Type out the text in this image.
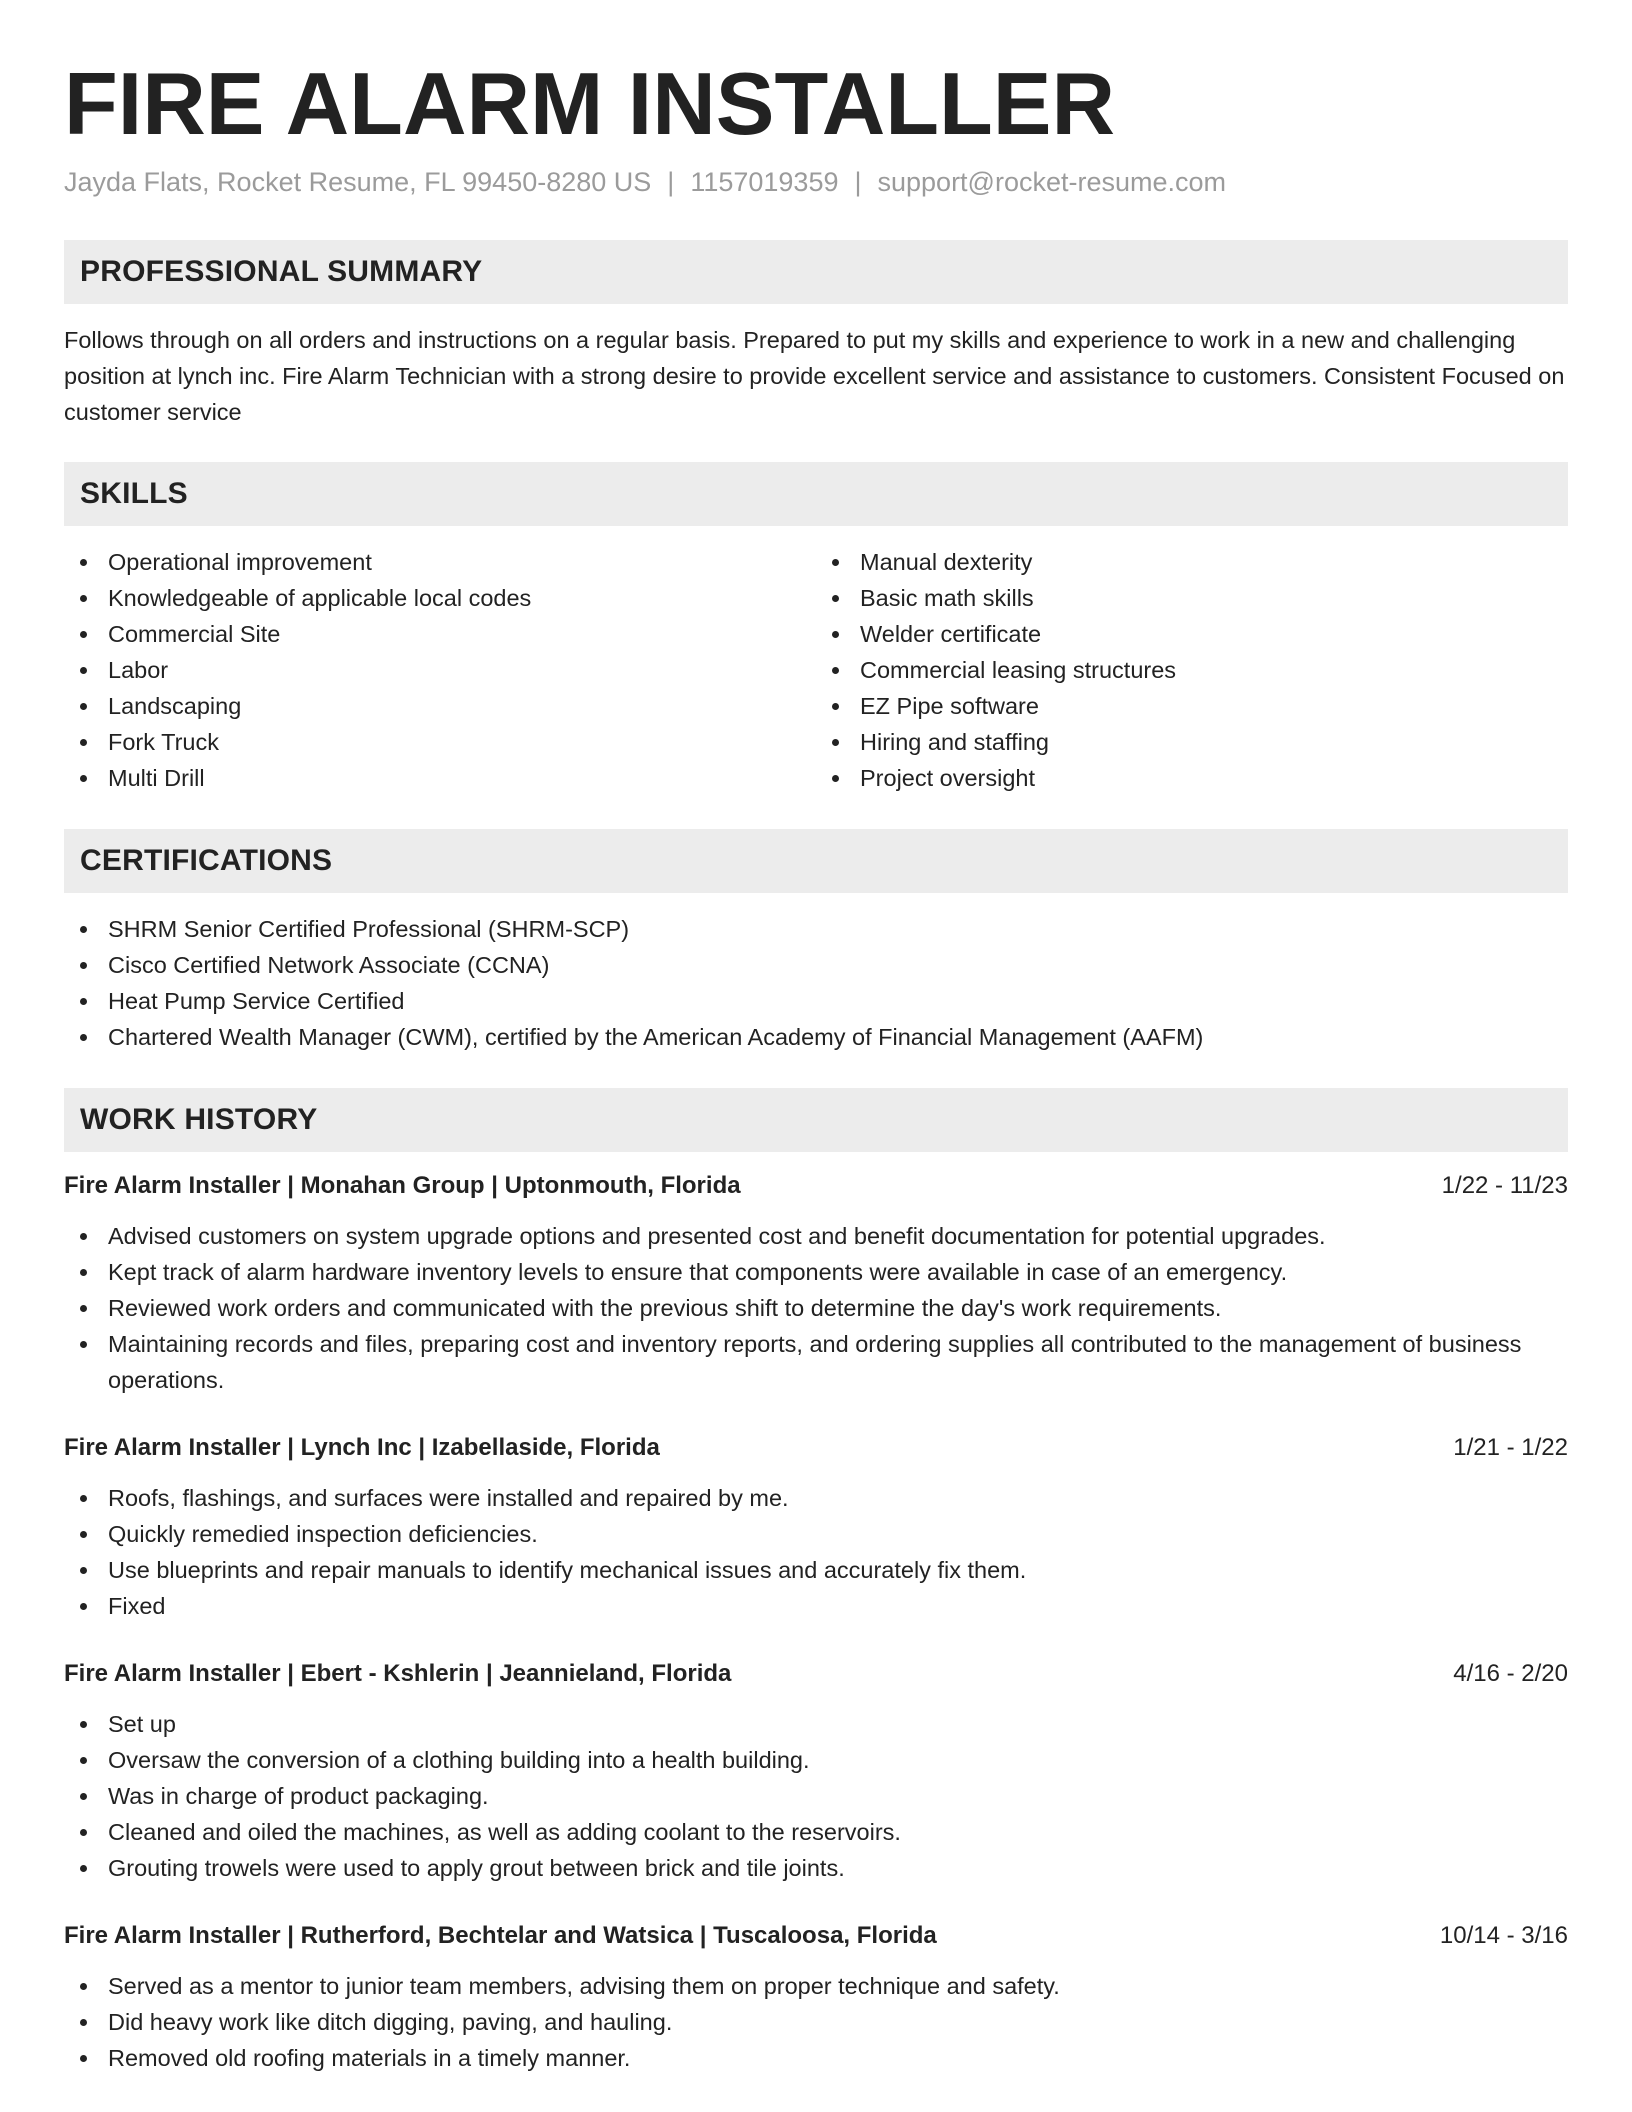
FIRE ALARM INSTALLER
Jayda Flats, Rocket Resume, FL 99450-8280 US | 1157019359 | support@rocket-resume.com
PROFESSIONAL SUMMARY

Follows through on all orders and instructions on a regular basis. Prepared to put my skills and experience to work in a new and challenging position at lynch inc. Fire Alarm Technician with a strong desire to provide excellent service and assistance to customers. Consistent Focused on customer service

SKILLS
Operational improvement
Knowledgeable of applicable local codes
Commercial Site
Labor
Landscaping
Fork Truck
Multi Drill
Manual dexterity
Basic math skills
Welder certificate
Commercial leasing structures
EZ Pipe software
Hiring and staffing
Project oversight
CERTIFICATIONS
SHRM Senior Certified Professional (SHRM-SCP)
Cisco Certified Network Associate (CCNA)
Heat Pump Service Certified
Chartered Wealth Manager (CWM), certified by the American Academy of Financial Management (AAFM)
WORK HISTORY
Fire Alarm Installer | Monahan Group | Uptonmouth, Florida	1/22 - 11/23
Advised customers on system upgrade options and presented cost and benefit documentation for potential upgrades.
Kept track of alarm hardware inventory levels to ensure that components were available in case of an emergency.
Reviewed work orders and communicated with the previous shift to determine the day's work requirements.
Maintaining records and files, preparing cost and inventory reports, and ordering supplies all contributed to the management of business operations.
Fire Alarm Installer | Lynch Inc | Izabellaside, Florida	1/21 - 1/22
Roofs, flashings, and surfaces were installed and repaired by me.
Quickly remedied inspection deficiencies.
Use blueprints and repair manuals to identify mechanical issues and accurately fix them.
Fixed
Fire Alarm Installer | Ebert - Kshlerin | Jeannieland, Florida	4/16 - 2/20
Set up
Oversaw the conversion of a clothing building into a health building.
Was in charge of product packaging.
Cleaned and oiled the machines, as well as adding coolant to the reservoirs.
Grouting trowels were used to apply grout between brick and tile joints.
Fire Alarm Installer | Rutherford, Bechtelar and Watsica | Tuscaloosa, Florida	10/14 - 3/16
Served as a mentor to junior team members, advising them on proper technique and safety.
Did heavy work like ditch digging, paving, and hauling.
Removed old roofing materials in a timely manner.
